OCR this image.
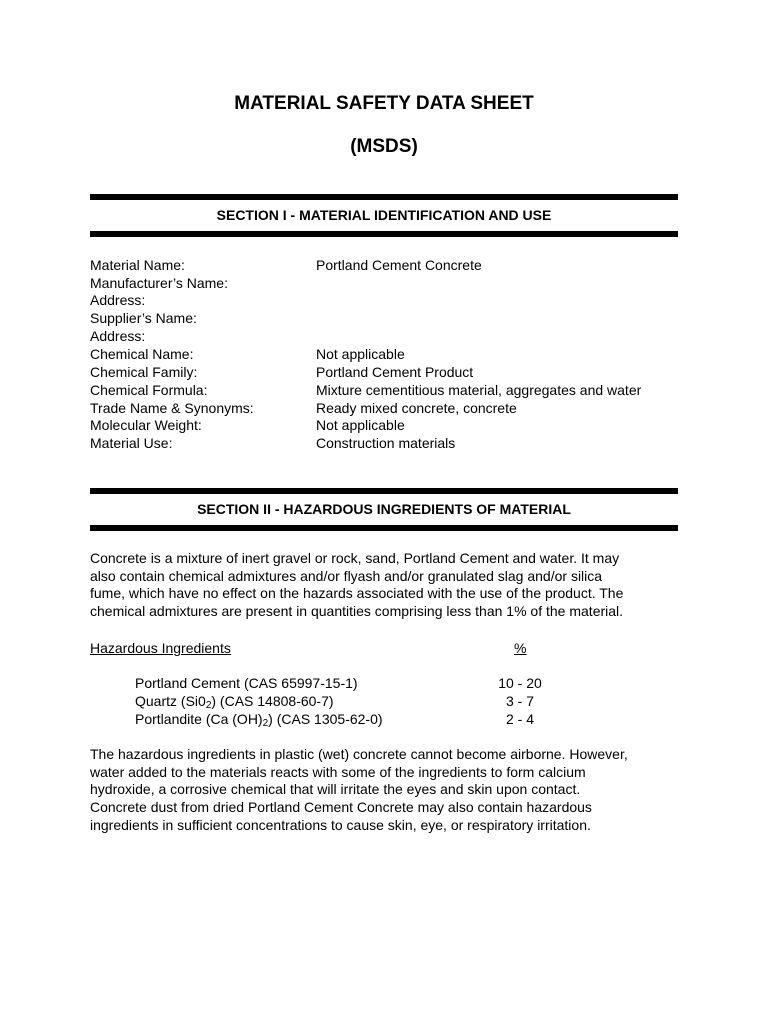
MATERIAL SAFETY DATA SHEET
(MSDS)
SECTION I - MATERIAL IDENTIFICATION AND USE
Material Name:	Portland Cement Concrete
Manufacturer’s Name:
Address:
Supplier’s Name:
Address:
Chemical Name:	Not applicable
Chemical Family:	Portland Cement Product
Chemical Formula:	Mixture cementitious material, aggregates and water
Trade Name & Synonyms:	Ready mixed concrete, concrete
Molecular Weight:	Not applicable
Material Use:	Construction materials
SECTION II - HAZARDOUS INGREDIENTS OF MATERIAL

Concrete is a mixture of inert gravel or rock, sand, Portland Cement and water. It may
also contain chemical admixtures and/or flyash and/or granulated slag and/or silica
fume, which have no effect on the hazards associated with the use of the product. The
chemical admixtures are present in quantities comprising less than 1% of the material.

Hazardous Ingredients	%
Portland Cement (CAS 65997-15-1)	10 - 20
Quartz $(Si0_2)$ (CAS 14808-60-7)	3 - 7
Portlandite (Ca $(OH)_2$) (CAS 1305-62-0)	2 - 4

The hazardous ingredients in plastic (wet) concrete cannot become airborne. However,
water added to the materials reacts with some of the ingredients to form calcium
hydroxide, a corrosive chemical that will irritate the eyes and skin upon contact.
Concrete dust from dried Portland Cement Concrete may also contain hazardous
ingredients in sufficient concentrations to cause skin, eye, or respiratory irritation.
